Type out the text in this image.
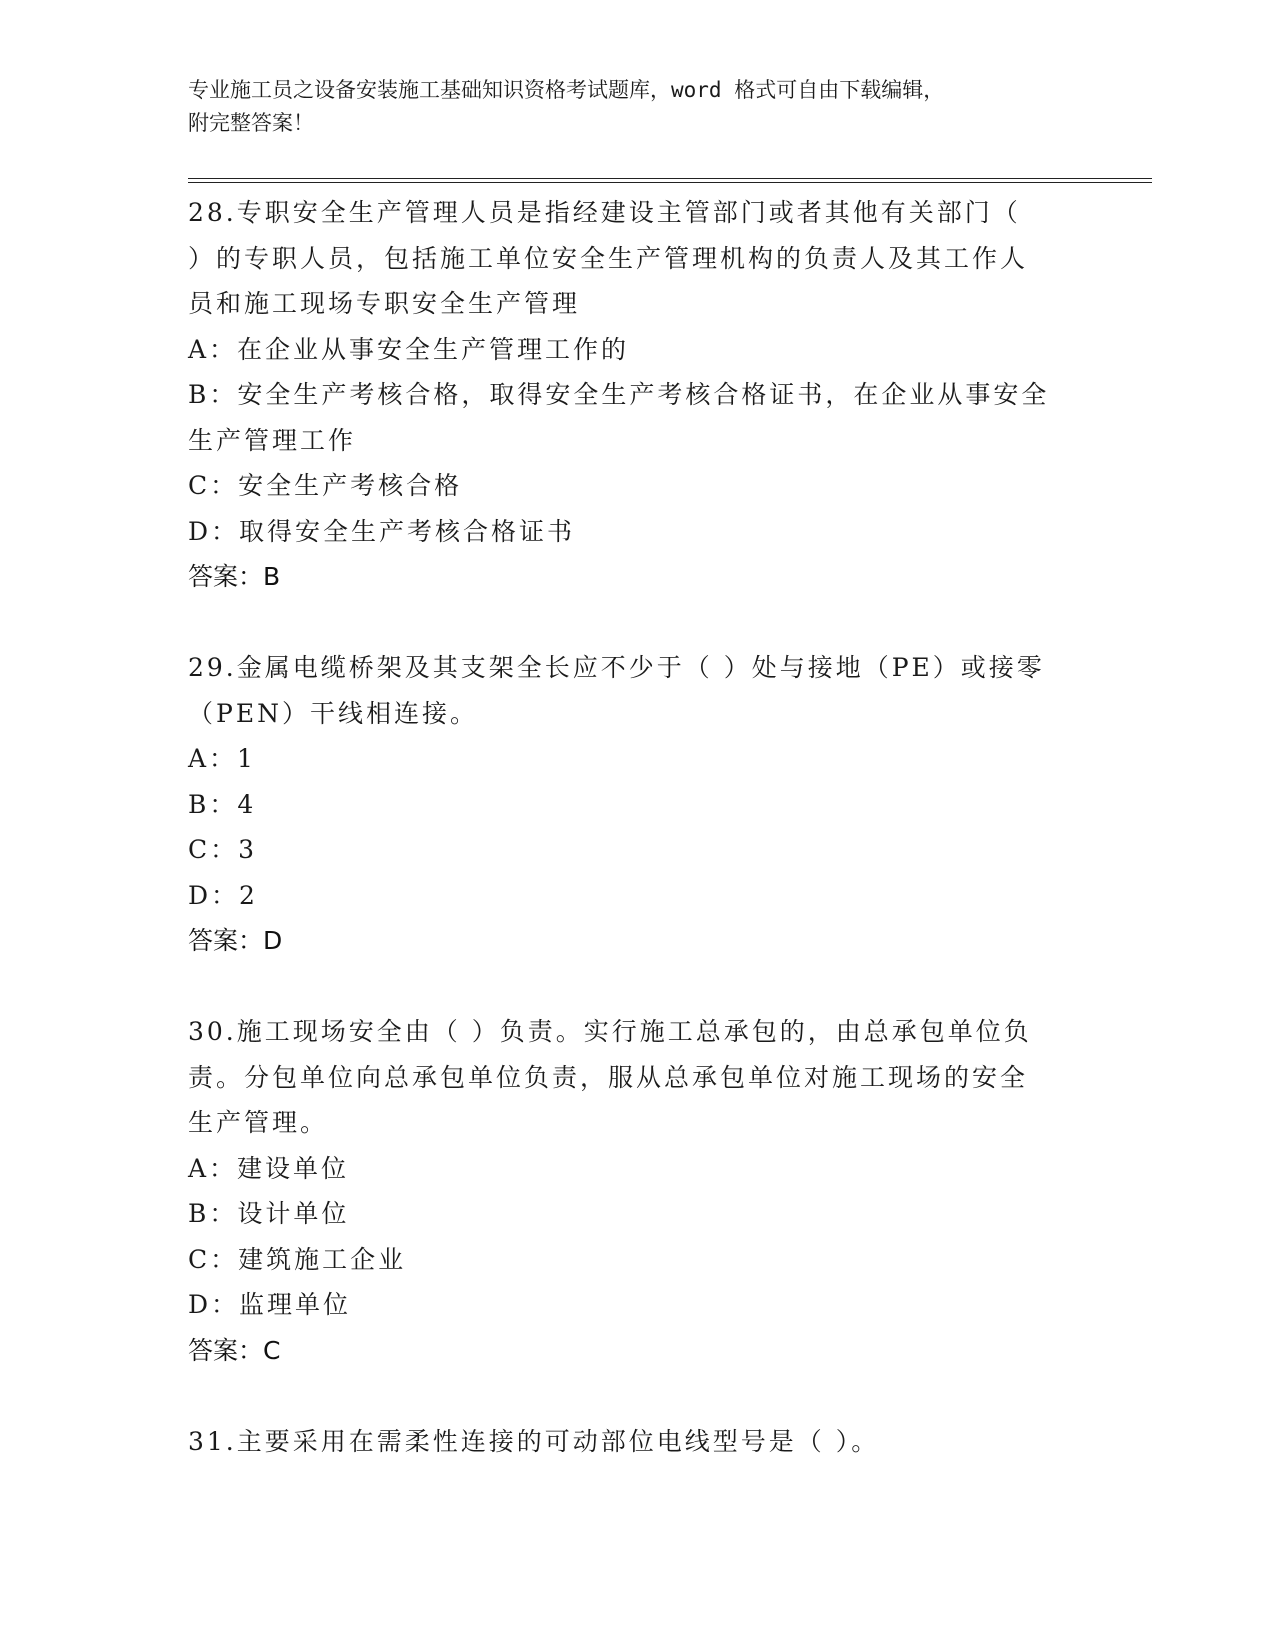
专业施工员之设备安装施工基础知识资格考试题库，word 格式可自由下载编辑，
附完整答案！

28.专职安全生产管理人员是指经建设主管部门或者其他有关部门（

）的专职人员，包括施工单位安全生产管理机构的负责人及其工作人

员和施工现场专职安全生产管理

A：在企业从事安全生产管理工作的

B：安全生产考核合格，取得安全生产考核合格证书，在企业从事安全

生产管理工作

C：安全生产考核合格

D：取得安全生产考核合格证书

答案：B

29.金属电缆桥架及其支架全长应不少于（ ）处与接地（PE）或接零

（PEN）干线相连接。

A：1

B：4

C：3

D：2

答案：D

30.施工现场安全由（ ）负责。实行施工总承包的，由总承包单位负

责。分包单位向总承包单位负责，服从总承包单位对施工现场的安全

生产管理。

A：建设单位

B：设计单位

C：建筑施工企业

D：监理单位

答案：C

31.主要采用在需柔性连接的可动部位电线型号是（ ）。
